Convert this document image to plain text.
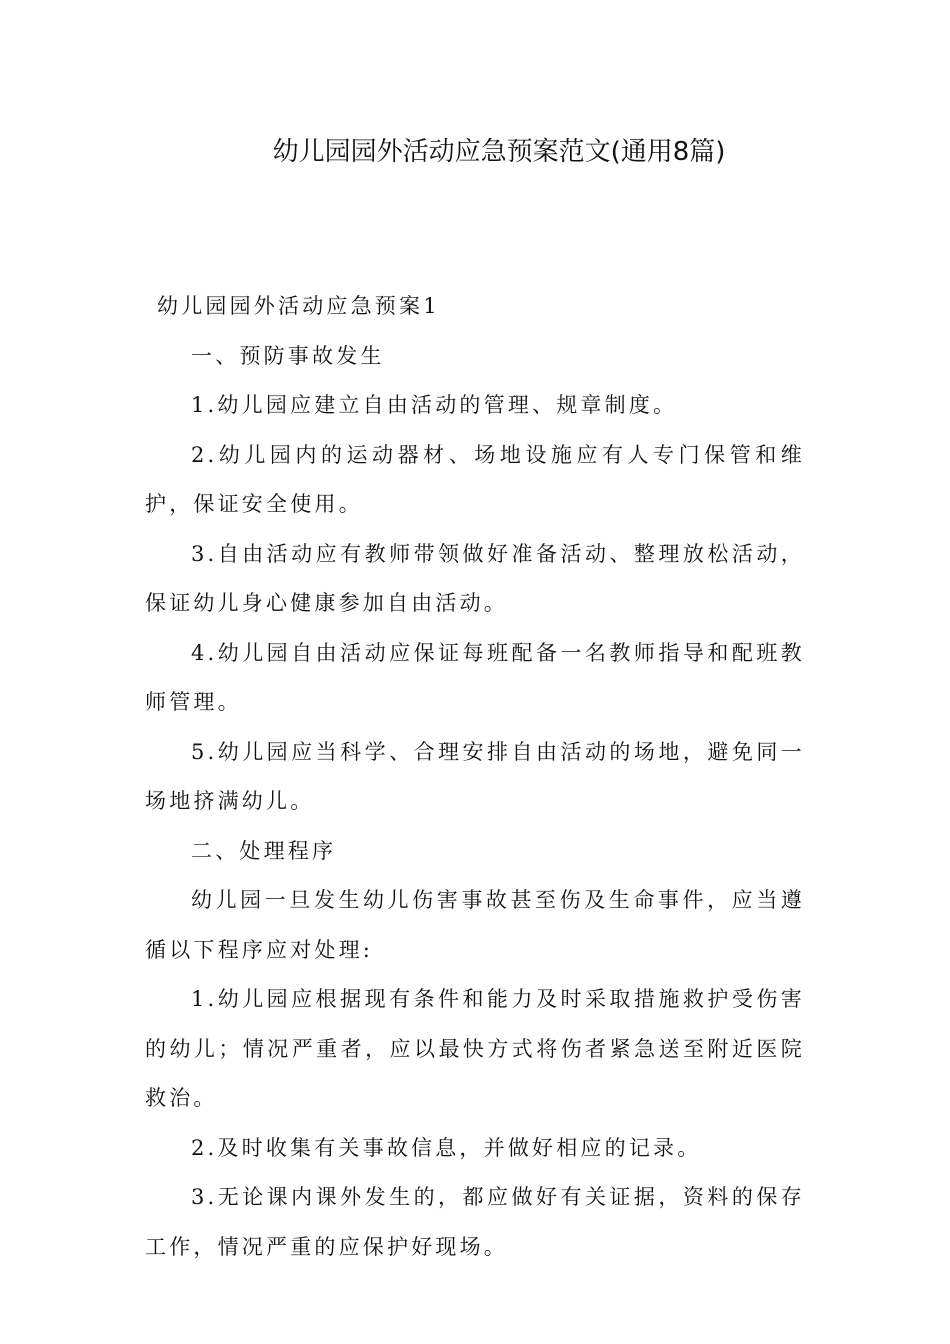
幼儿园园外活动应急预案范文(通用8篇)

幼儿园园外活动应急预案1

一、预防事故发生

1.幼儿园应建立自由活动的管理、规章制度。

2.幼儿园内的运动器材、场地设施应有人专门保管和维护，保证安全使用。

3.自由活动应有教师带领做好准备活动、整理放松活动，保证幼儿身心健康参加自由活动。

4.幼儿园自由活动应保证每班配备一名教师指导和配班教师管理。

5.幼儿园应当科学、合理安排自由活动的场地，避免同一场地挤满幼儿。

二、处理程序

幼儿园一旦发生幼儿伤害事故甚至伤及生命事件，应当遵循以下程序应对处理:

1.幼儿园应根据现有条件和能力及时采取措施救护受伤害的幼儿；情况严重者，应以最快方式将伤者紧急送至附近医院救治。

2.及时收集有关事故信息，并做好相应的记录。

3.无论课内课外发生的，都应做好有关证据，资料的保存工作，情况严重的应保护好现场。
